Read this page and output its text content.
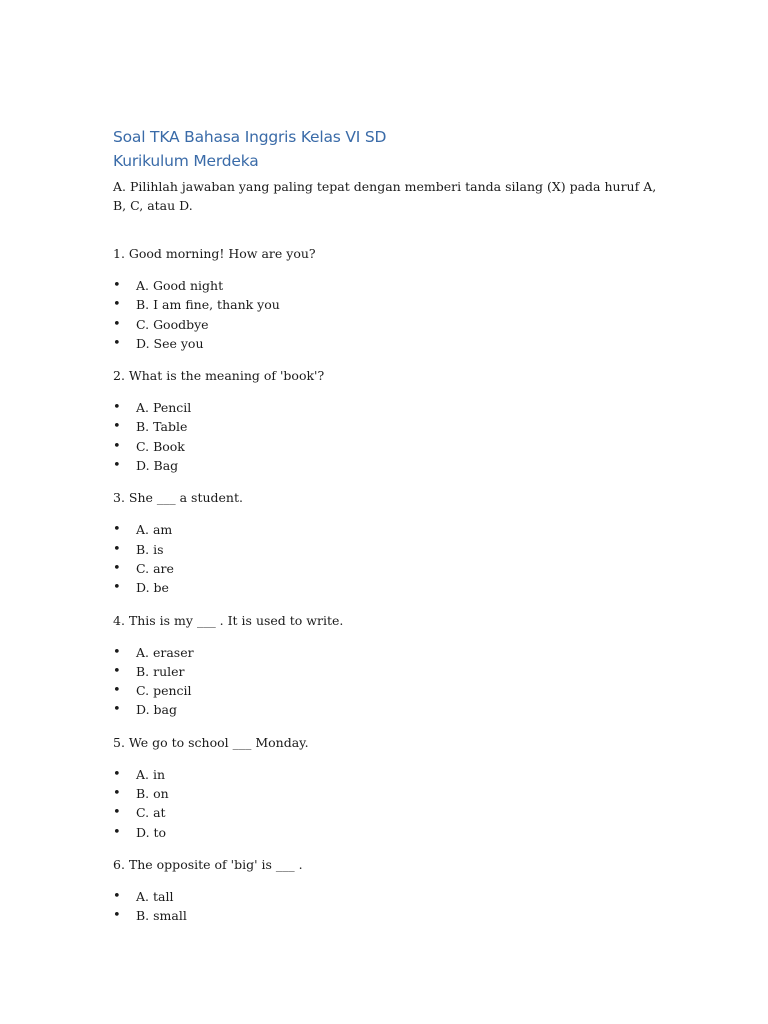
Soal TKA Bahasa Inggris Kelas VI SD
Kurikulum Merdeka

A. Pilihlah jawaban yang paling tepat dengan memberi tanda silang (X) pada huruf A, B, C, atau D.

1. Good morning! How are you?

• A. Good night
• B. I am fine, thank you
• C. Goodbye
• D. See you

2. What is the meaning of 'book'?

• A. Pencil
• B. Table
• C. Book
• D. Bag

3. She ___ a student.

• A. am
• B. is
• C. are
• D. be

4. This is my ___ . It is used to write.

• A. eraser
• B. ruler
• C. pencil
• D. bag

5. We go to school ___ Monday.

• A. in
• B. on
• C. at
• D. to

6. The opposite of 'big' is ___ .

• A. tall
• B. small
